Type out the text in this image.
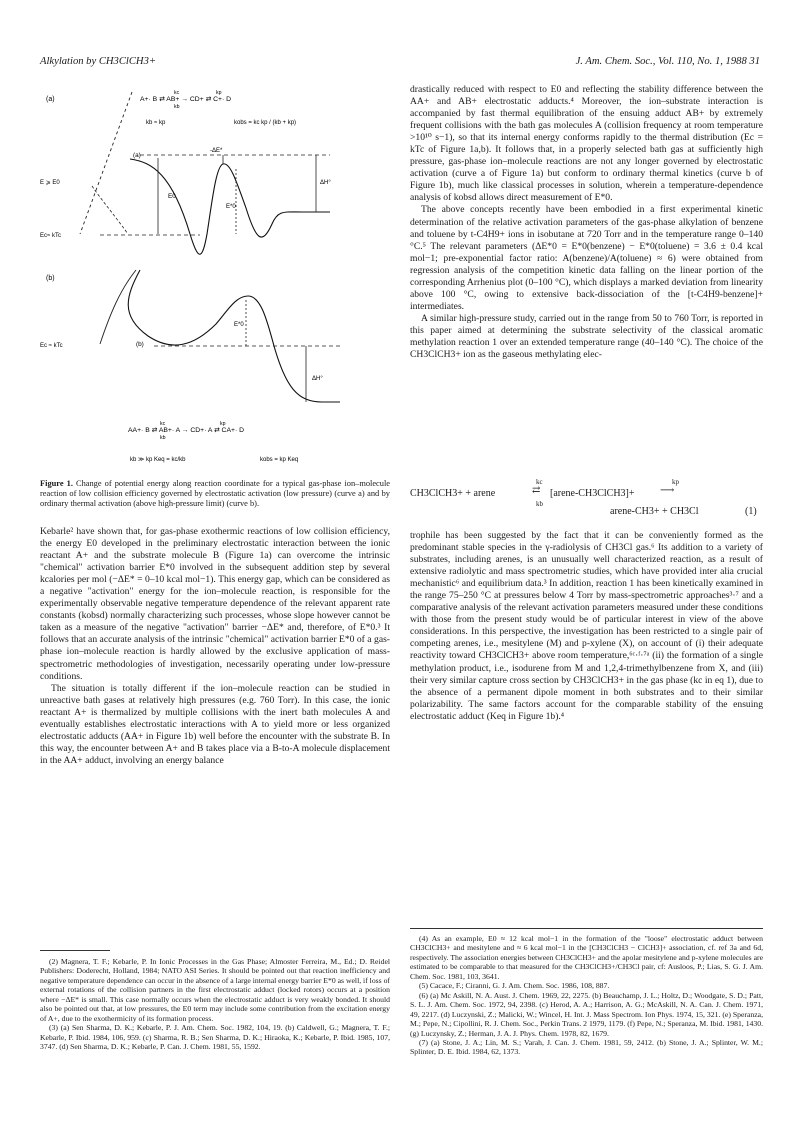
Alkylation by CH3ClCH3+	J. Am. Chem. Soc., Vol. 110, No. 1, 1988 31
(a)
(b)
A+· B ⇄ AB+ → CD+ ⇄ C+· D
kc
kb
kp
kb ≈ kp	kobs = kc kp / (kb + kp)
(a)
E0
-ΔE*
E*0
ΔH°
E ⩾ E0
Ec≈ kTc
(b)
Ec ≈ kTc
E*0
ΔH°
AA+· B ⇄ AB+· A → CD+· A ⇄ CA+· D
kc
kb
kp
kb ≫ kp Keq = kc/kb	kobs = kp Keq
Figure 1. Change of potential energy along reaction coordinate for a typical gas-phase ion–molecule reaction of low collision efficiency governed by electrostatic activation (low pressure) (curve a) and by ordinary thermal activation (above high-pressure limit) (curve b).

Kebarle² have shown that, for gas-phase exothermic reactions of low collision efficiency, the energy E0 developed in the preliminary electrostatic interaction between the ionic reactant A+ and the substrate molecule B (Figure 1a) can overcome the intrinsic "chemical" activation barrier E*0 involved in the subsequent addition step by several kcalories per mol (−ΔE* = 0–10 kcal mol−1). This energy gap, which can be considered as a negative "activation" energy for the ion–molecule reaction, is responsible for the experimentally observable negative temperature dependence of the relevant apparent rate constants (kobsd) normally characterizing such processes, whose slope however cannot be taken as a measure of the negative "activation" barrier −ΔE* and, therefore, of E*0.³ It follows that an accurate analysis of the intrinsic "chemical" activation barrier E*0 of a gas-phase ion–molecule reaction is hardly allowed by the exclusive application of mass-spectrometric methodologies of investigation, necessarily operating under low-pressure conditions.

The situation is totally different if the ion–molecule reaction can be studied in unreactive bath gases at relatively high pressures (e.g. 760 Torr). In this case, the ionic reactant A+ is thermalized by multiple collisions with the inert bath molecules A and eventually establishes electrostatic interactions with A to yield more or less organized electrostatic adducts (AA+ in Figure 1b) well before the encounter with the substrate B. In this way, the encounter between A+ and B takes place via a B-to-A molecule displacement in the AA+ adduct, involving an energy balance

(2) Magnera, T. F.; Kebarle, P. In Ionic Processes in the Gas Phase; Almoster Ferreira, M., Ed.; D. Reidel Publishers: Doderecht, Holland, 1984; NATO ASI Series. It should be pointed out that reaction inefficiency and negative temperature dependence can occur in the absence of a large internal energy barrier E*0 as well, if loss of external rotations of the collision partners in the first electrostatic adduct (locked rotors) occurs at a position where −ΔE* is small. This case normally occurs when the electrostatic adduct is very weakly bonded. It should also be pointed out that, at low pressures, the E0 term may include some contribution from the excitation energy of A+, due to the exothermicity of its formation process.

(3) (a) Sen Sharma, D. K.; Kebarle, P. J. Am. Chem. Soc. 1982, 104, 19. (b) Caldwell, G.; Magnera, T. F.; Kebarle, P. Ibid. 1984, 106, 959. (c) Sharma, R. B.; Sen Sharma, D. K.; Hiraoka, K.; Kebarle, P. Ibid. 1985, 107, 3747. (d) Sen Sharma, D. K.; Kebarle, P. Can. J. Chem. 1981, 55, 1592.

drastically reduced with respect to E0 and reflecting the stability difference between the AA+ and AB+ electrostatic adducts.⁴ Moreover, the ion–substrate interaction is accompanied by fast thermal equilibration of the ensuing adduct AB+ by extremely frequent collisions with the bath gas molecules A (collision frequency at room temperature >10¹⁰ s−1), so that its internal energy conforms rapidly to the thermal distribution (Ec = kTc of Figure 1a,b). It follows that, in a properly selected bath gas at sufficiently high pressure, gas-phase ion–molecule reactions are not any longer governed by electrostatic activation (curve a of Figure 1a) but conform to ordinary thermal kinetics (curve b of Figure 1b), much like classical processes in solution, wherein a temperature-dependence analysis of kobsd allows direct measurement of E*0.

The above concepts recently have been embodied in a first experimental kinetic determination of the relative activation parameters of the gas-phase alkylation of benzene and toluene by t-C4H9+ ions in isobutane at 720 Torr and in the temperature range 0–140 °C.⁵ The relevant parameters (ΔE*0 = E*0(benzene) − E*0(toluene) = 3.6 ± 0.4 kcal mol−1; pre-exponential factor ratio: A(benzene)/A(toluene) ≈ 6) were obtained from regression analysis of the competition kinetic data falling on the linear portion of the corresponding Arrhenius plot (0–100 °C), which displays a marked deviation from linearity above 100 °C, owing to extensive back-dissociation of the [t-C4H9-benzene]+ intermediates.

A similar high-pressure study, carried out in the range from 50 to 760 Torr, is reported in this paper aimed at determining the substrate selectivity of the classical aromatic methylation reaction 1 over an extended temperature range (40–140 °C). The choice of the CH3ClCH3+ ion as the gaseous methylating elec-

CH3ClCH3+ + arene
kc
⇄
kb
[arene-CH3ClCH3]+
kp
⟶
arene-CH3+ + CH3Cl	(1)

trophile has been suggested by the fact that it can be conveniently formed as the predominant stable species in the γ-radiolysis of CH3Cl gas.⁶ Its addition to a variety of substrates, including arenes, is an unusually well characterized reaction, as a result of extensive radiolytic and mass spectrometric studies, which have provided inter alia crucial mechanistic⁶ and equilibrium data.³ In addition, reaction 1 has been kinetically examined in the range 75–250 °C at pressures below 4 Torr by mass-spectrometric approaches³·⁷ and a comparative analysis of the relevant activation parameters measured under these conditions with those from the present study would be of particular interest in view of the above considerations. In this perspective, the investigation has been restricted to a single pair of competing arenes, i.e., mesitylene (M) and p-xylene (X), on account of (i) their adequate reactivity toward CH3ClCH3+ above room temperature,⁶ᶜ·ᶠ·⁷ᵃ (ii) the formation of a single methylation product, i.e., isodurene from M and 1,2,4-trimethylbenzene from X, and (iii) their very similar capture cross section by CH3ClCH3+ in the gas phase (kc in eq 1), due to the absence of a permanent dipole moment in both substrates and to their similar polarizability. The same factors account for the comparable stability of the ensuing electrostatic adduct (Keq in Figure 1b).⁴

(4) As an example, E0 ≈ 12 kcal mol−1 in the formation of the "loose" electrostatic adduct between CH3ClCH3+ and mesitylene and ≈ 6 kcal mol−1 in the [CH3ClCH3 − ClCH3]+ association, cf. ref 3a and 6d, respectively. The association energies between CH3ClCH3+ and the apolar mesitylene and p-xylene molecules are estimated to be comparable to that measured for the CH3ClCH3+/CH3Cl pair, cf: Ausloos, P.; Lias, S. G. J. Am. Chem. Soc. 1981, 103, 3641.

(5) Cacace, F.; Ciranni, G. J. Am. Chem. Soc. 1986, 108, 887.

(6) (a) Mc Askill, N. A. Aust. J. Chem. 1969, 22, 2275. (b) Beauchamp, J. L.; Holtz, D.; Woodgate, S. D.; Patt, S. L. J. Am. Chem. Soc. 1972, 94, 2398. (c) Herod, A. A.; Harrison, A. G.; McAskill, N. A. Can. J. Chem. 1971, 49, 2217. (d) Luczynski, Z.; Malicki, W.; Wincel, H. Int. J. Mass Spectrom. Ion Phys. 1974, 15, 321. (e) Speranza, M.; Pepe, N.; Cipollini, R. J. Chem. Soc., Perkin Trans. 2 1979, 1179. (f) Pepe, N.; Speranza, M. Ibid. 1981, 1430. (g) Luczynsky, Z.; Herman, J. A. J. Phys. Chem. 1978, 82, 1679.

(7) (a) Stone, J. A.; Lin, M. S.; Varah, J. Can. J. Chem. 1981, 59, 2412. (b) Stone, J. A.; Splinter, W. M.; Splinter, D. E. Ibid. 1984, 62, 1373.
